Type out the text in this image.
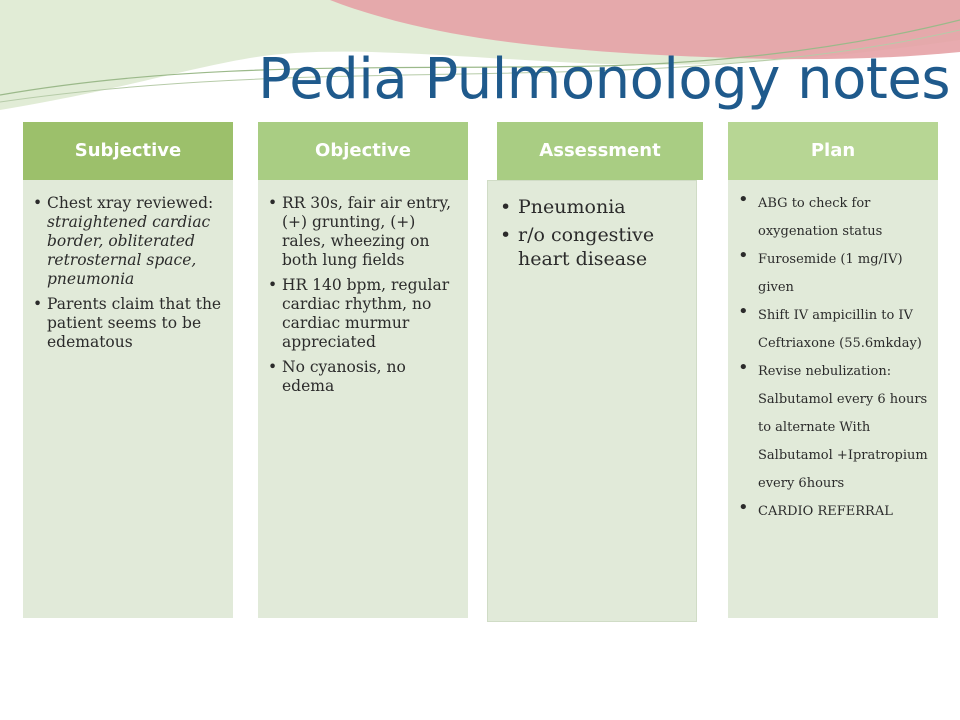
Pedia Pulmonology notes
• Chest xray reviewed: straightened cardiac border, obliterated retrosternal space, pneumonia
• Parents claim that the patient seems to be edematous
Subjective
• RR 30s, fair air entry, (+) grunting, (+) rales, wheezing on both lung fields
• HR 140 bpm, regular cardiac rhythm, no cardiac murmur appreciated
• No cyanosis, no edema
Objective
• Pneumonia
• r/o congestive heart disease
Assessment
• ABG to check for oxygenation status
• Furosemide (1 mg/IV) given
• Shift IV ampicillin to IV Ceftriaxone (55.6mkday)
• Revise nebulization: Salbutamol every 6 hours to alternate With Salbutamol +Ipratropium every 6hours
• CARDIO REFERRAL
Plan
